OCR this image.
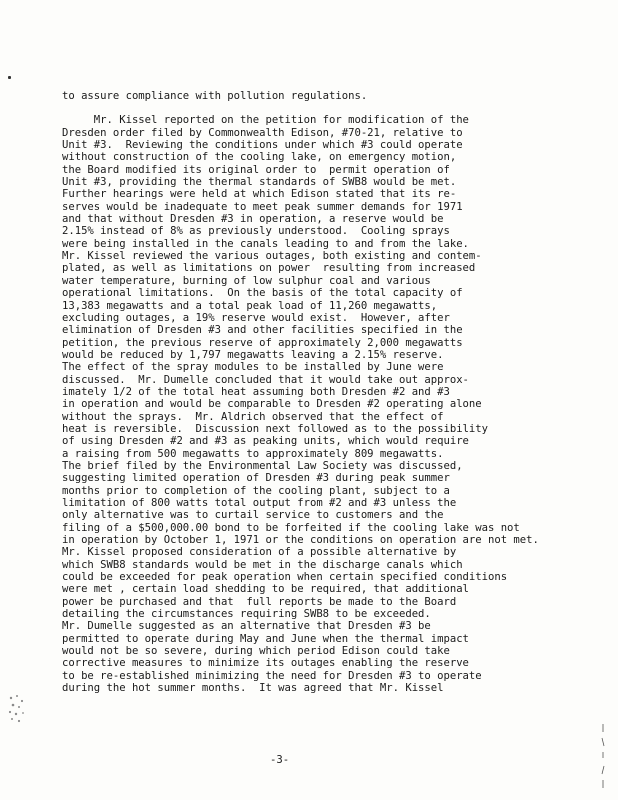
to assure compliance with pollution regulations.
Mr. Kissel reported on the petition for modification of the
Dresden order filed by Commonwealth Edison, #70-21, relative to
Unit #3.  Reviewing the conditions under which #3 could operate
without construction of the cooling lake, on emergency motion,
the Board modified its original order to  permit operation of
Unit #3, providing the thermal standards of SWB8 would be met.
Further hearings were held at which Edison stated that its re-
serves would be inadequate to meet peak summer demands for 1971
and that without Dresden #3 in operation, a reserve would be
2.15% instead of 8% as previously understood.  Cooling sprays
were being installed in the canals leading to and from the lake.
Mr. Kissel reviewed the various outages, both existing and contem-
plated, as well as limitations on power  resulting from increased
water temperature, burning of low sulphur coal and various
operational limitations.  On the basis of the total capacity of
13,383 megawatts and a total peak load of 11,260 megawatts,
excluding outages, a 19% reserve would exist.  However, after
elimination of Dresden #3 and other facilities specified in the
petition, the previous reserve of approximately 2,000 megawatts
would be reduced by 1,797 megawatts leaving a 2.15% reserve.
The effect of the spray modules to be installed by June were
discussed.  Mr. Dumelle concluded that it would take out approx-
imately 1/2 of the total heat assuming both Dresden #2 and #3
in operation and would be comparable to Dresden #2 operating alone
without the sprays.  Mr. Aldrich observed that the effect of
heat is reversible.  Discussion next followed as to the possibility
of using Dresden #2 and #3 as peaking units, which would require
a raising from 500 megawatts to approximately 809 megawatts.
The brief filed by the Environmental Law Society was discussed,
suggesting limited operation of Dresden #3 during peak summer
months prior to completion of the cooling plant, subject to a
limitation of 800 watts total output from #2 and #3 unless the
only alternative was to curtail service to customers and the
filing of a $500,000.00 bond to be forfeited if the cooling lake was not
in operation by October 1, 1971 or the conditions on operation are not met.
Mr. Kissel proposed consideration of a possible alternative by
which SWB8 standards would be met in the discharge canals which
could be exceeded for peak operation when certain specified conditions
were met , certain load shedding to be required, that additional
power be purchased and that  full reports be made to the Board
detailing the circumstances requiring SWB8 to be exceeded.
Mr. Dumelle suggested as an alternative that Dresden #3 be
permitted to operate during May and June when the thermal impact
would not be so severe, during which period Edison could take
corrective measures to minimize its outages enabling the reserve
to be re-established minimizing the need for Dresden #3 to operate
during the hot summer months.  It was agreed that Mr. Kissel
-3-
